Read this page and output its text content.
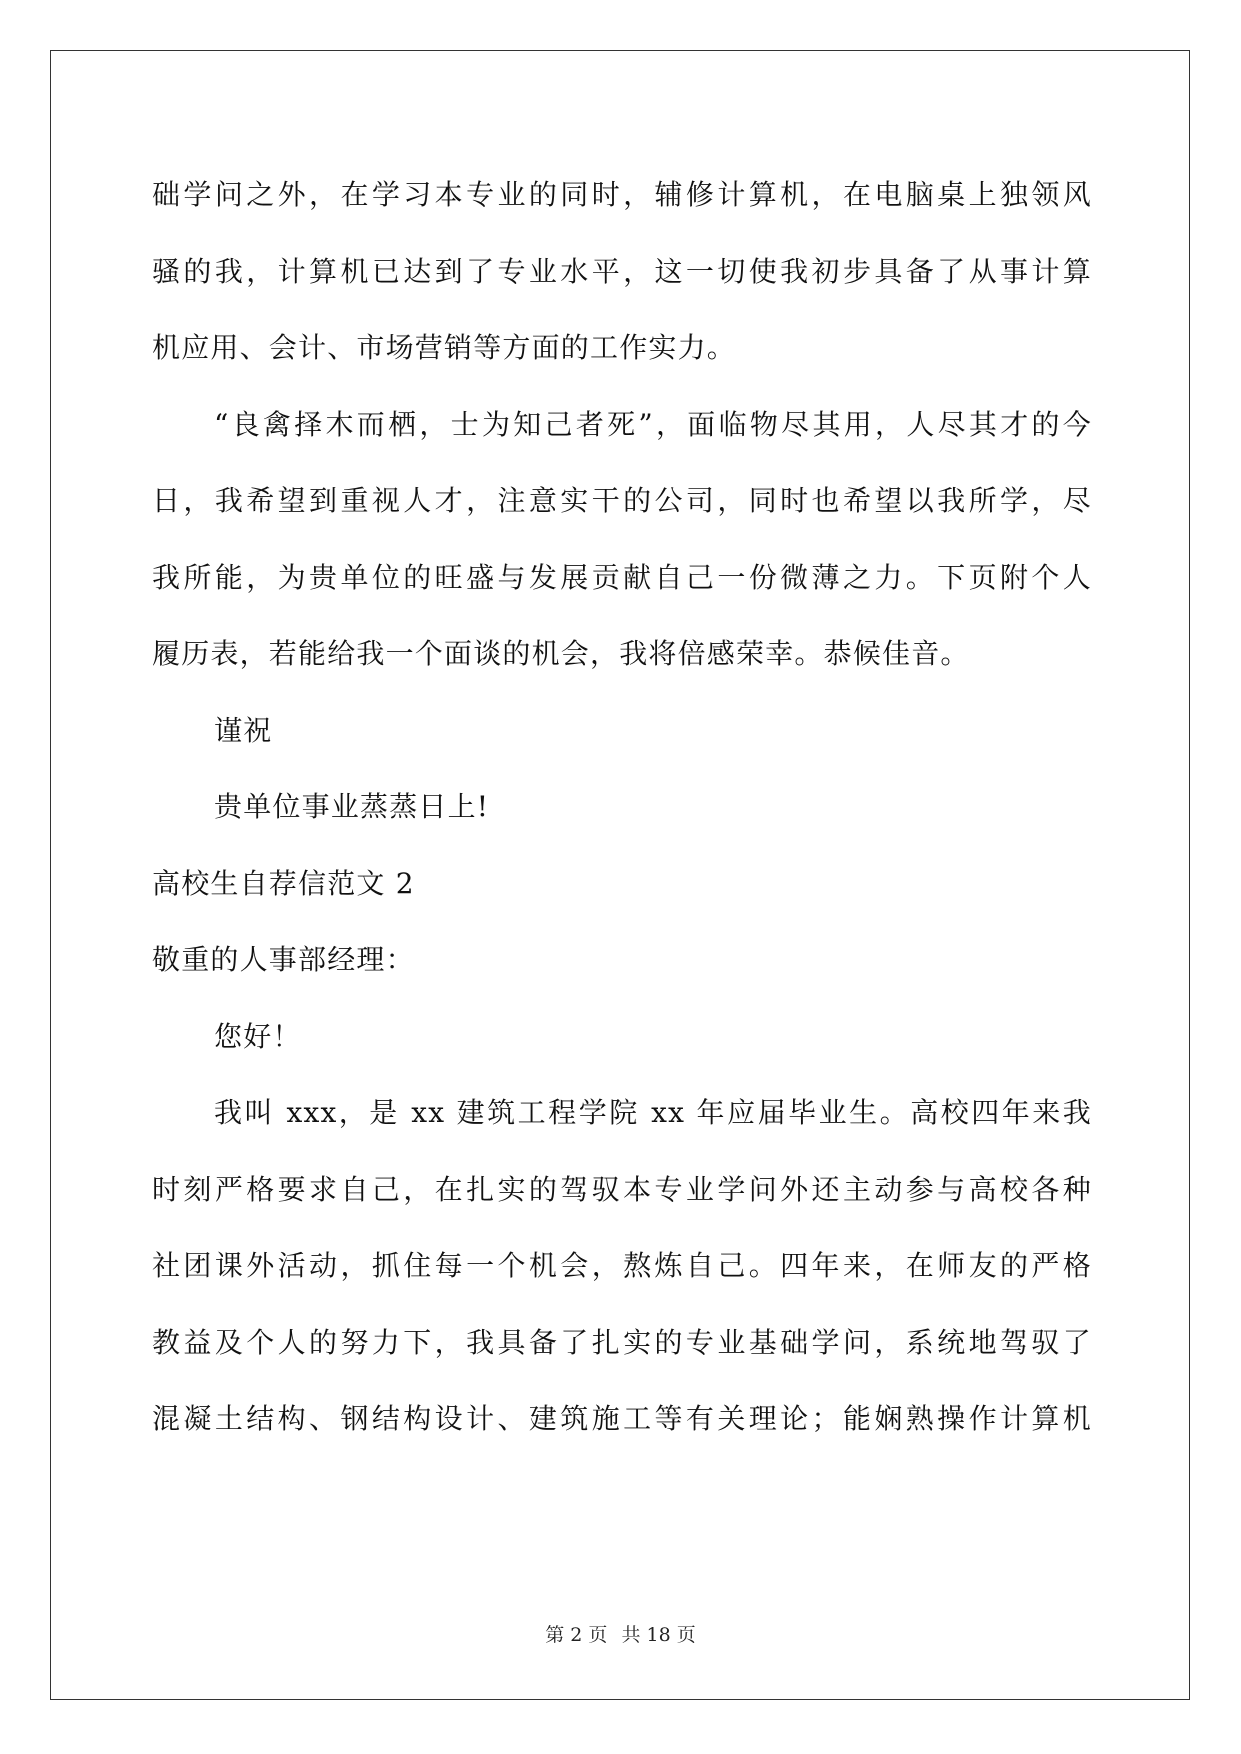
础学问之外，在学习本专业的同时，辅修计算机，在电脑桌上独领风

骚的我，计算机已达到了专业水平，这一切使我初步具备了从事计算

机应用、会计、市场营销等方面的工作实力。

“良禽择木而栖，士为知己者死”，面临物尽其用，人尽其才的今

日，我希望到重视人才，注意实干的公司，同时也希望以我所学，尽

我所能，为贵单位的旺盛与发展贡献自己一份微薄之力。下页附个人

履历表，若能给我一个面谈的机会，我将倍感荣幸。恭候佳音。

谨祝

贵单位事业蒸蒸日上!

高校生自荐信范文 2

敬重的人事部经理：

您好！

我叫 xxx，是 xx 建筑工程学院 xx 年应届毕业生。高校四年来我

时刻严格要求自己，在扎实的驾驭本专业学问外还主动参与高校各种

社团课外活动，抓住每一个机会，熬炼自己。四年来，在师友的严格

教益及个人的努力下，我具备了扎实的专业基础学问，系统地驾驭了

混凝土结构、钢结构设计、建筑施工等有关理论；能娴熟操作计算机

第 2 页 共 18 页
